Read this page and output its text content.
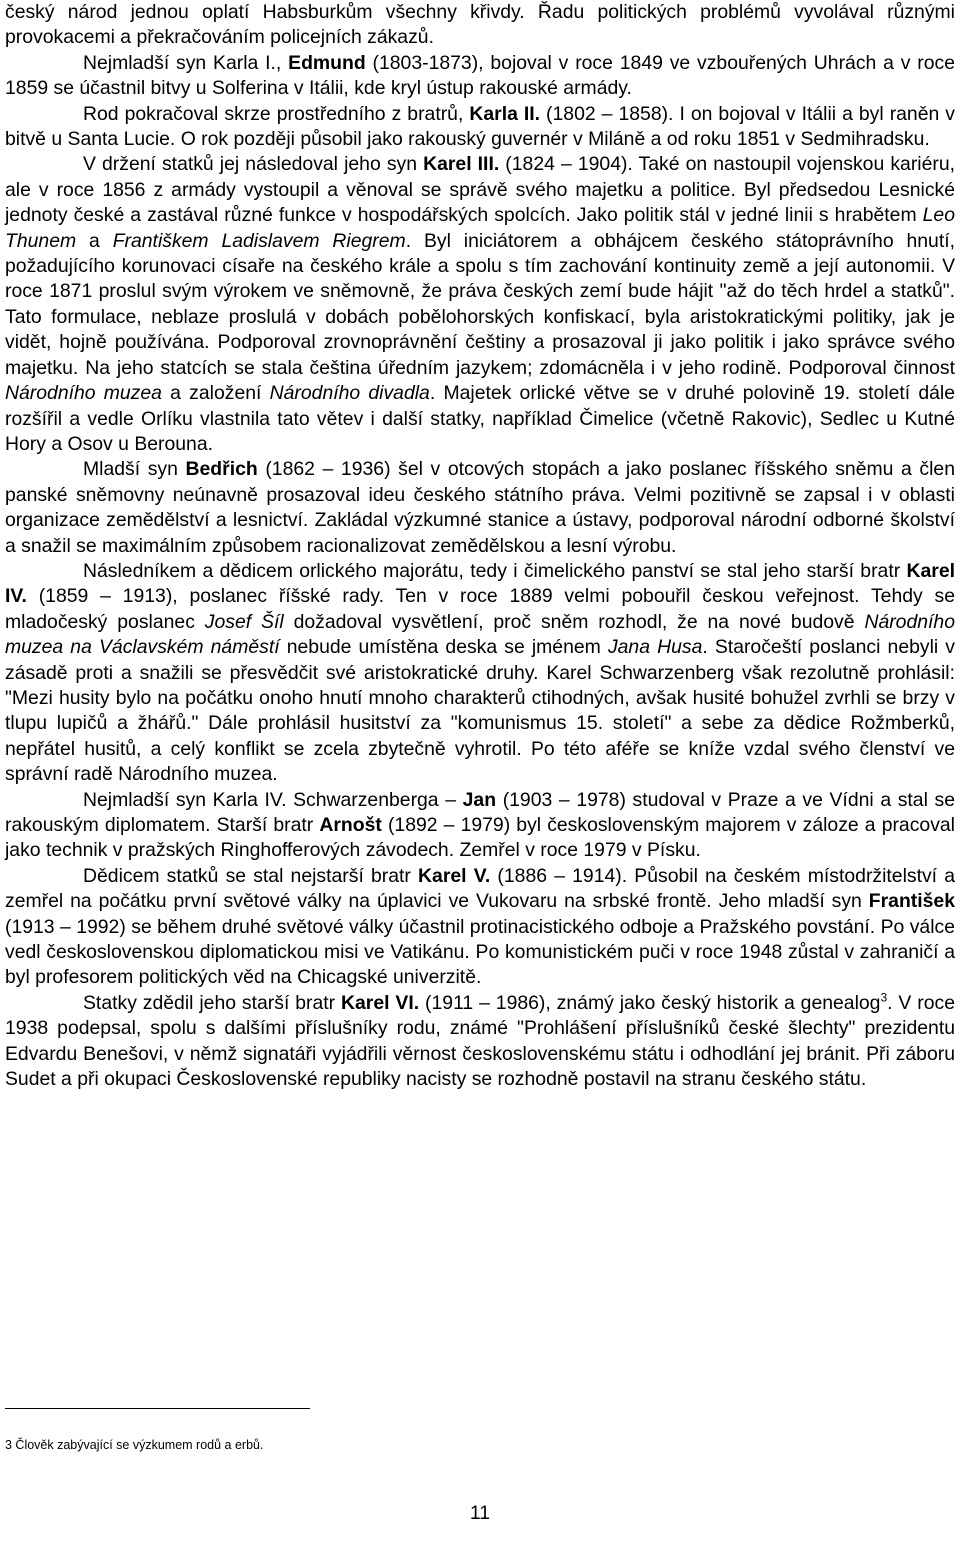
český národ jednou oplatí Habsburkům všechny křivdy. Řadu politických problémů vyvolával různými provokacemi a překračováním policejních zákazů.

Nejmladší syn Karla I., Edmund (1803-1873), bojoval v roce 1849 ve vzbouřených Uhrách a v roce 1859 se účastnil bitvy u Solferina v Itálii, kde kryl ústup rakouské armády.

Rod pokračoval skrze prostředního z bratrů, Karla II. (1802 – 1858). I on bojoval v Itálii a byl raněn v bitvě u Santa Lucie. O rok později působil jako rakouský guvernér v Miláně a od roku 1851 v Sedmihradsku.

V držení statků jej následoval jeho syn Karel III. (1824 – 1904). Také on nastoupil vojenskou kariéru, ale v roce 1856 z armády vystoupil a věnoval se správě svého majetku a politice. Byl předsedou Lesnické jednoty české a zastával různé funkce v hospodářských spolcích. Jako politik stál v jedné linii s hrabětem Leo Thunem a Františkem Ladislavem Riegrem. Byl iniciátorem a obhájcem českého státoprávního hnutí, požadujícího korunovaci císaře na českého krále a spolu s tím zachování kontinuity země a její autonomii. V roce 1871 proslul svým výrokem ve sněmovně, že práva českých zemí bude hájit "až do těch hrdel a statků". Tato formulace, neblaze proslulá v dobách pobělohorských konfiskací, byla aristokratickými politiky, jak je vidět, hojně používána. Podporoval zrovnoprávnění češtiny a prosazoval ji jako politik i jako správce svého majetku. Na jeho statcích se stala čeština úředním jazykem; zdomácněla i v jeho rodině. Podporoval činnost Národního muzea a založení Národního divadla. Majetek orlické větve se v druhé polovině 19. století dále rozšířil a vedle Orlíku vlastnila tato větev i další statky, například Čimelice (včetně Rakovic), Sedlec u Kutné Hory a Osov u Berouna.

Mladší syn Bedřich (1862 – 1936) šel v otcových stopách a jako poslanec říšského sněmu a člen panské sněmovny neúnavně prosazoval ideu českého státního práva. Velmi pozitivně se zapsal i v oblasti organizace zemědělství a lesnictví. Zakládal výzkumné stanice a ústavy, podporoval národní odborné školství a snažil se maximálním způsobem racionalizovat zemědělskou a lesní výrobu.

Následníkem a dědicem orlického majorátu, tedy i čimelického panství se stal jeho starší bratr Karel IV. (1859 – 1913), poslanec říšské rady. Ten v roce 1889 velmi pobouřil českou veřejnost. Tehdy se mladočeský poslanec Josef Šíl dožadoval vysvětlení, proč sněm rozhodl, že na nové budově Národního muzea na Václavském náměstí nebude umístěna deska se jménem Jana Husa. Staročeští poslanci nebyli v zásadě proti a snažili se přesvědčit své aristokratické druhy. Karel Schwarzenberg však rezolutně prohlásil: "Mezi husity bylo na počátku onoho hnutí mnoho charakterů ctihodných, avšak husité bohužel zvrhli se brzy v tlupu lupičů a žhářů." Dále prohlásil husitství za "komunismus 15. století" a sebe za dědice Rožmberků, nepřátel husitů, a celý konflikt se zcela zbytečně vyhrotil. Po této aféře se kníže vzdal svého členství ve správní radě Národního muzea.

Nejmladší syn Karla IV. Schwarzenberga – Jan (1903 – 1978) studoval v Praze a ve Vídni a stal se rakouským diplomatem. Starší bratr Arnošt (1892 – 1979) byl československým majorem v záloze a pracoval jako technik v pražských Ringhofferových závodech. Zemřel v roce 1979 v Písku.

Dědicem statků se stal nejstarší bratr Karel V. (1886 – 1914). Působil na českém místodržitelství a zemřel na počátku první světové války na úplavici ve Vukovaru na srbské frontě. Jeho mladší syn František (1913 – 1992) se během druhé světové války účastnil protinacistického odboje a Pražského povstání. Po válce vedl československou diplomatickou misi ve Vatikánu. Po komunistickém puči v roce 1948 zůstal v zahraničí a byl profesorem politických věd na Chicagské univerzitě.

Statky zdědil jeho starší bratr Karel VI. (1911 – 1986), známý jako český historik a genealog$^3$. V roce 1938 podepsal, spolu s dalšími příslušníky rodu, známé "Prohlášení příslušníků české šlechty" prezidentu Edvardu Benešovi, v němž signatáři vyjádřili věrnost československému státu i odhodlání jej bránit. Při záboru Sudet a při okupaci Československé republiky nacisty se rozhodně postavil na stranu českého státu.

3 Člověk zabývající se výzkumem rodů a erbů.
11
